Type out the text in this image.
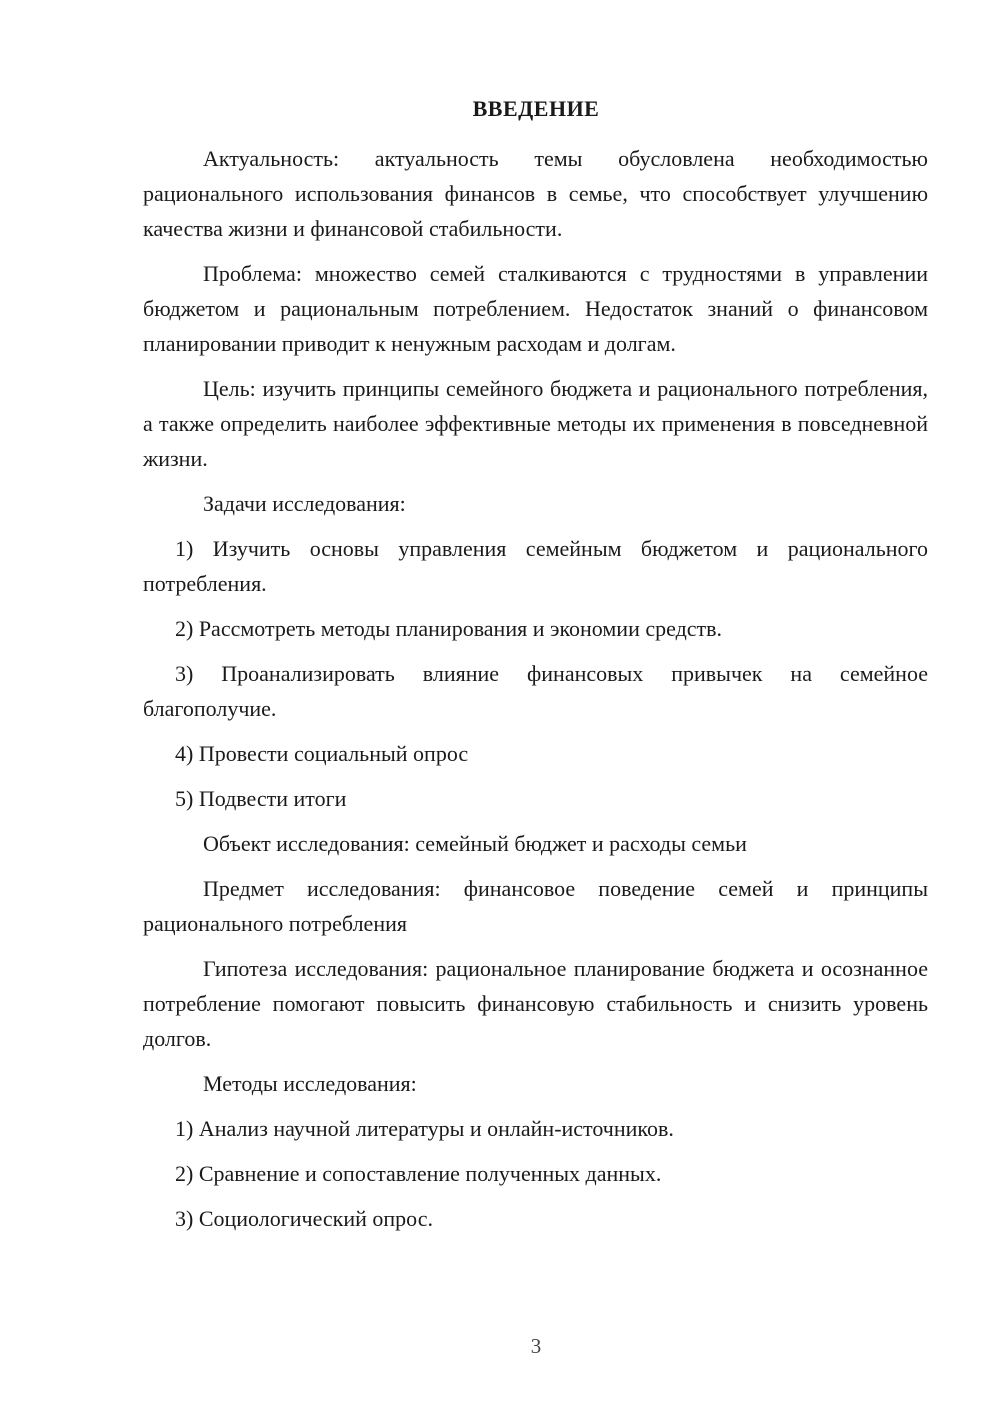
ВВЕДЕНИЕ

Актуальность: актуальность темы обусловлена необходимостью рационального использования финансов в семье, что способствует улучшению качества жизни и финансовой стабильности.

Проблема: множество семей сталкиваются с трудностями в управлении бюджетом и рациональным потреблением. Недостаток знаний о финансовом планировании приводит к ненужным расходам и долгам.

Цель: изучить принципы семейного бюджета и рационального потребления, а также определить наиболее эффективные методы их применения в повседневной жизни.

Задачи исследования:

1) Изучить основы управления семейным бюджетом и рационального потребления.

2) Рассмотреть методы планирования и экономии средств.

3) Проанализировать влияние финансовых привычек на семейное благополучие.

4) Провести социальный опрос

5) Подвести итоги

Объект исследования: семейный бюджет и расходы семьи

Предмет исследования: финансовое поведение семей и принципы рационального потребления

Гипотеза исследования: рациональное планирование бюджета и осознанное потребление помогают повысить финансовую стабильность и снизить уровень долгов.

Методы исследования:

1) Анализ научной литературы и онлайн-источников.

2) Сравнение и сопоставление полученных данных.

3) Социологический опрос.

3
